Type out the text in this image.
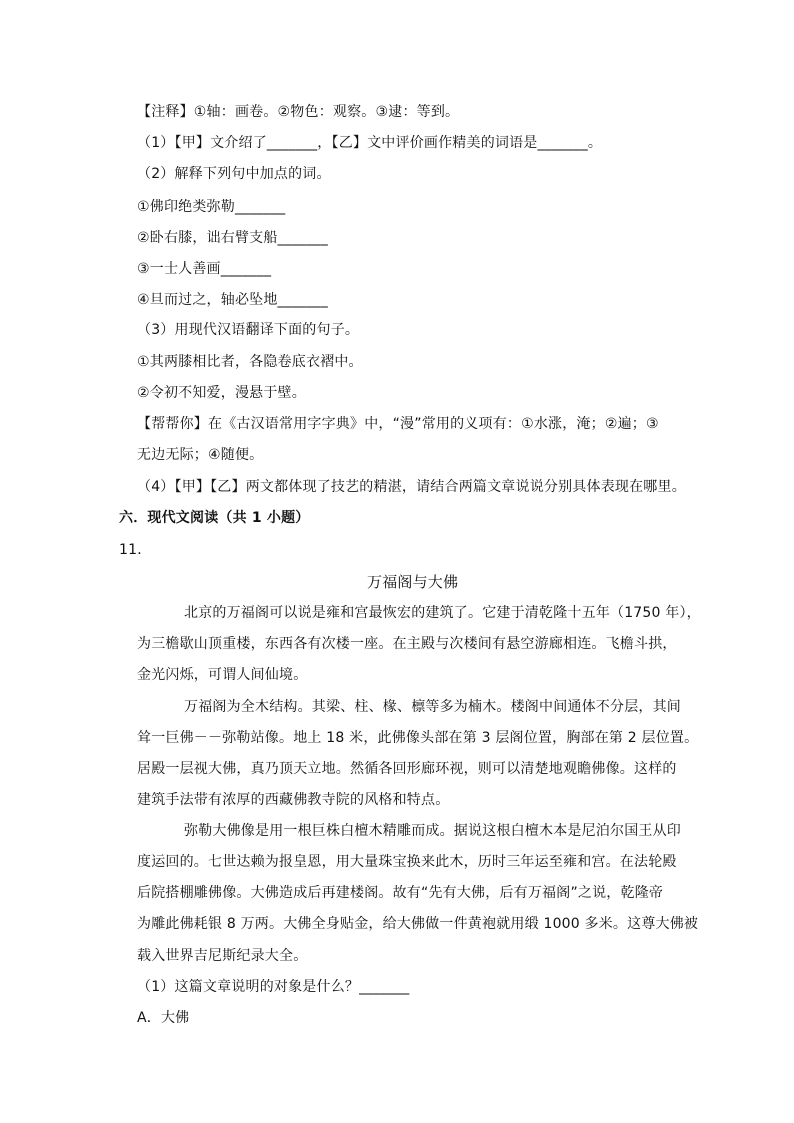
【注释】①轴：画卷。②物色：观察。③逮：等到。
（1）【甲】文介绍了_______，【乙】文中评价画作精美的词语是_______。
（2）解释下列句中加点的词。
①佛印绝类弥勒_______
②卧右膝，诎右臂支船_______
③一士人善画_______
④旦而过之，轴必坠地_______
（3）用现代汉语翻译下面的句子。
①其两膝相比者，各隐卷底衣褶中。
②令初不知爱，漫悬于壁。
【帮帮你】在《古汉语常用字字典》中，“漫”常用的义项有：①水涨，淹；②遍；③
无边无际；④随便。
（4）【甲】【乙】两文都体现了技艺的精湛，请结合两篇文章说说分别具体表现在哪里。
六．现代文阅读（共 1 小题）
11．
万福阁与大佛
北京的万福阁可以说是雍和宫最恢宏的建筑了。它建于清乾隆十五年（1750 年），
为三檐歇山顶重楼，东西各有次楼一座。在主殿与次楼间有悬空游廊相连。飞檐斗拱，
金光闪烁，可谓人间仙境。
万福阁为全木结构。其梁、柱、椽、檩等多为楠木。楼阁中间通体不分层，其间
耸一巨佛－－弥勒站像。地上 18 米，此佛像头部在第 3 层阁位置，胸部在第 2 层位置。
居殿一层视大佛，真乃顶天立地。然循各回形廊环视，则可以清楚地观瞻佛像。这样的
建筑手法带有浓厚的西藏佛教寺院的风格和特点。
弥勒大佛像是用一根巨株白檀木精雕而成。据说这根白檀木本是尼泊尔国王从印
度运回的。七世达赖为报皇恩，用大量珠宝换来此木，历时三年运至雍和宫。在法轮殿
后院搭棚雕佛像。大佛造成后再建楼阁。故有“先有大佛，后有万福阁”之说，乾隆帝
为雕此佛耗银 8 万两。大佛全身贴金，给大佛做一件黄袍就用缎 1000 多米。这尊大佛被
载入世界吉尼斯纪录大全。
（1）这篇文章说明的对象是什么？_______
A．大佛
